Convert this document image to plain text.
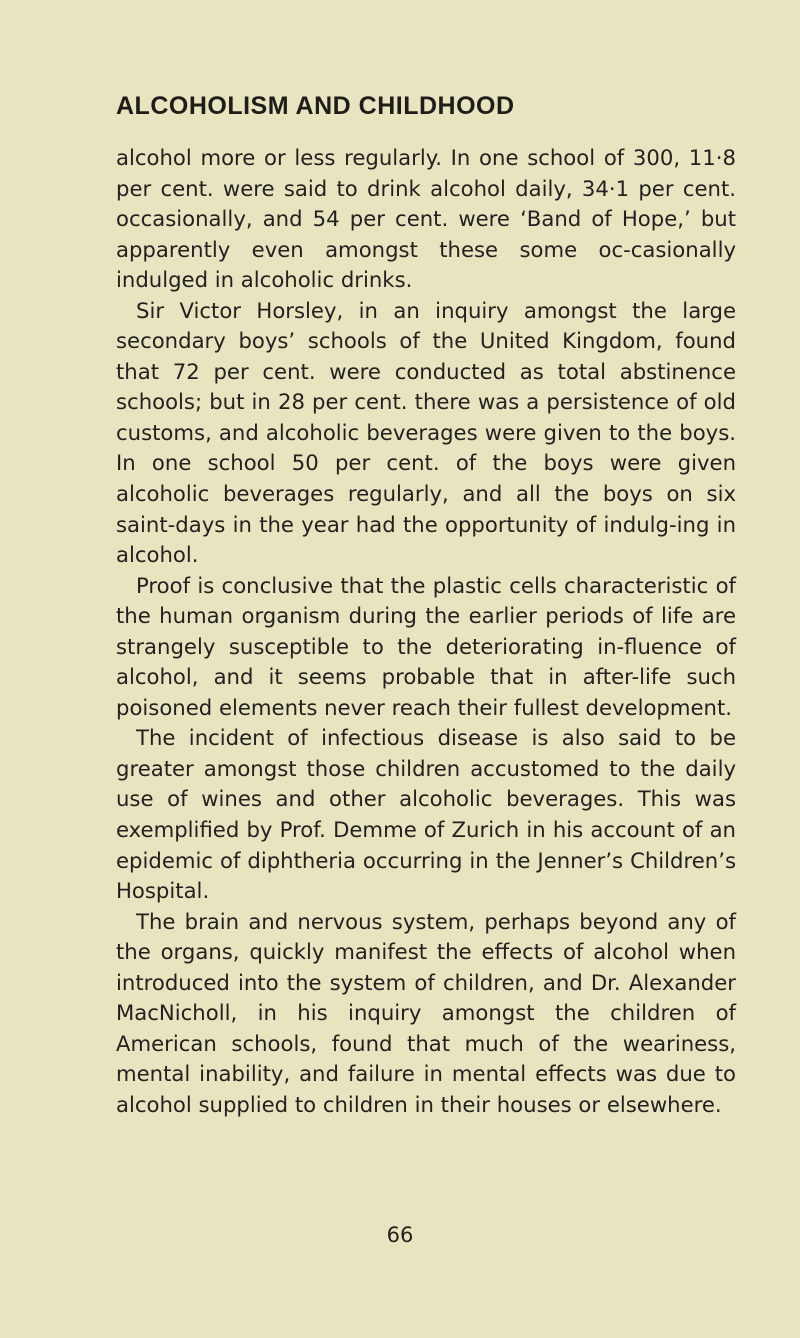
ALCOHOLISM AND CHILDHOOD

alcohol more or less regularly. In one school of 300, 11·8 per cent. were said to drink alcohol daily, 34·1 per cent. occasionally, and 54 per cent. were ‘Band of Hope,’ but apparently even amongst these some oc-casionally indulged in alcoholic drinks.

Sir Victor Horsley, in an inquiry amongst the large secondary boys’ schools of the United Kingdom, found that 72 per cent. were conducted as total abstinence schools; but in 28 per cent. there was a persistence of old customs, and alcoholic beverages were given to the boys. In one school 50 per cent. of the boys were given alcoholic beverages regularly, and all the boys on six saint-days in the year had the opportunity of indulg-ing in alcohol.

Proof is conclusive that the plastic cells characteristic of the human organism during the earlier periods of life are strangely susceptible to the deteriorating in-fluence of alcohol, and it seems probable that in after-life such poisoned elements never reach their fullest development.

The incident of infectious disease is also said to be greater amongst those children accustomed to the daily use of wines and other alcoholic beverages. This was exemplified by Prof. Demme of Zurich in his account of an epidemic of diphtheria occurring in the Jenner’s Children’s Hospital.

The brain and nervous system, perhaps beyond any of the organs, quickly manifest the effects of alcohol when introduced into the system of children, and Dr. Alexander MacNicholl, in his inquiry amongst the children of American schools, found that much of the weariness, mental inability, and failure in mental effects was due to alcohol supplied to children in their houses or elsewhere.

66
